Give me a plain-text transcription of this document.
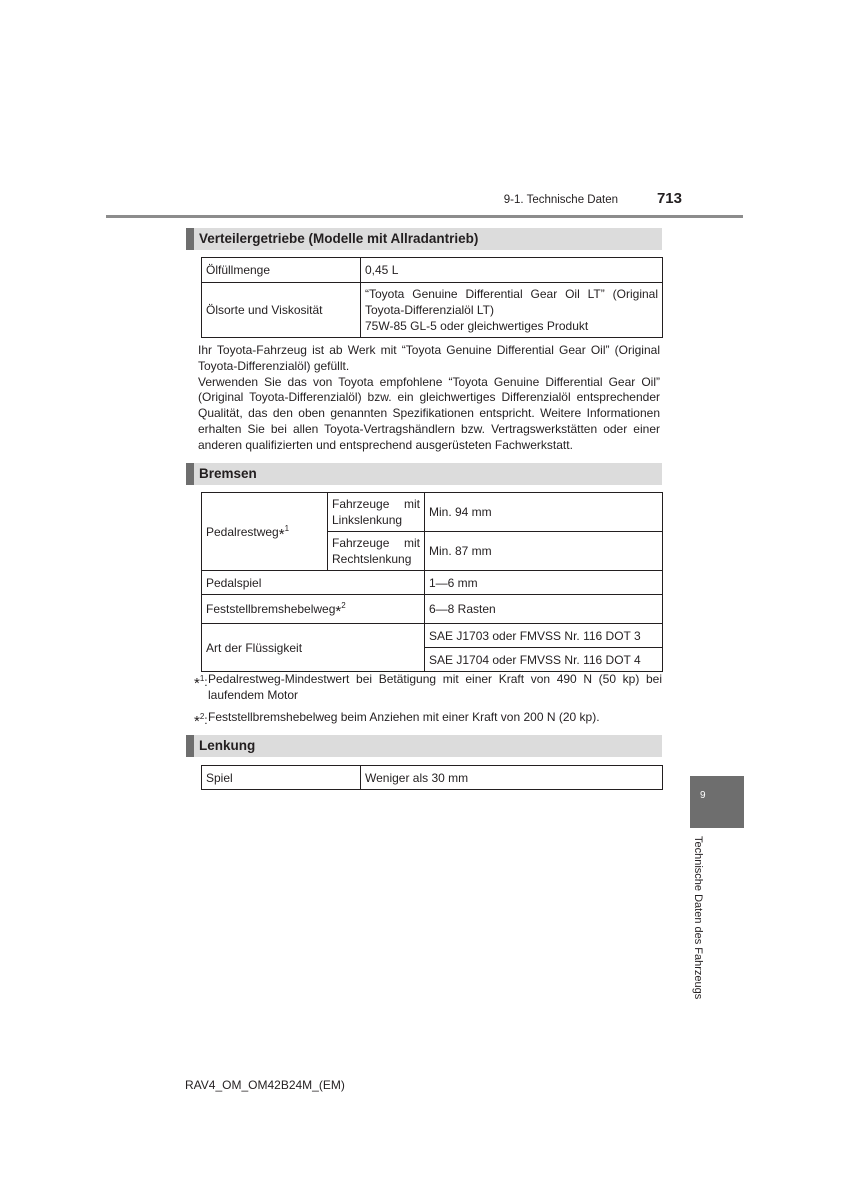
9-1. Technische Daten	713
Verteilergetriebe (Modelle mit Allradantrieb)
Ölfüllmenge	0,45 L
Ölsorte und Viskosität	“Toyota Genuine Differential Gear Oil LT” (Original
Toyota-Differenzialöl LT)
75W-85 GL-5 oder gleichwertiges Produkt

Ihr Toyota-Fahrzeug ist ab Werk mit “Toyota Genuine Differential Gear Oil” (Original Toyota-Differenzialöl) gefüllt.

Verwenden Sie das von Toyota empfohlene “Toyota Genuine Differential Gear Oil” (Original Toyota-Differenzialöl) bzw. ein gleichwertiges Differenzialöl entsprechender Qualität, das den oben genannten Spezifikationen entspricht. Weitere Informationen erhalten Sie bei allen Toyota-Vertragshändlern bzw. Vertragswerkstätten oder einer anderen qualifizierten und entsprechend ausgerüsteten Fachwerkstatt.

Bremsen
Pedalrestweg*$^1$	Fahrzeuge mit
Linkslenkung	Min. 94 mm

	Fahrzeuge mit
Rechtslenkung	Min. 87 mm
Pedalspiel		1—6 mm
Feststellbremshebelweg*$^2$		6—8 Rasten
Art der Flüssigkeit		SAE J1703 oder FMVSS Nr. 116 DOT 3
		SAE J1704 oder FMVSS Nr. 116 DOT 4
*$^1$: Pedalrestweg-Mindestwert bei Betätigung mit einer Kraft von 490 N (50 kp) bei laufendem Motor
*$^2$: Feststellbremshebelweg beim Anziehen mit einer Kraft von 200 N (20 kp).
Lenkung
Spiel	Weniger als 30 mm
9
Technische Daten des Fahrzeugs
RAV4_OM_OM42B24M_(EM)
